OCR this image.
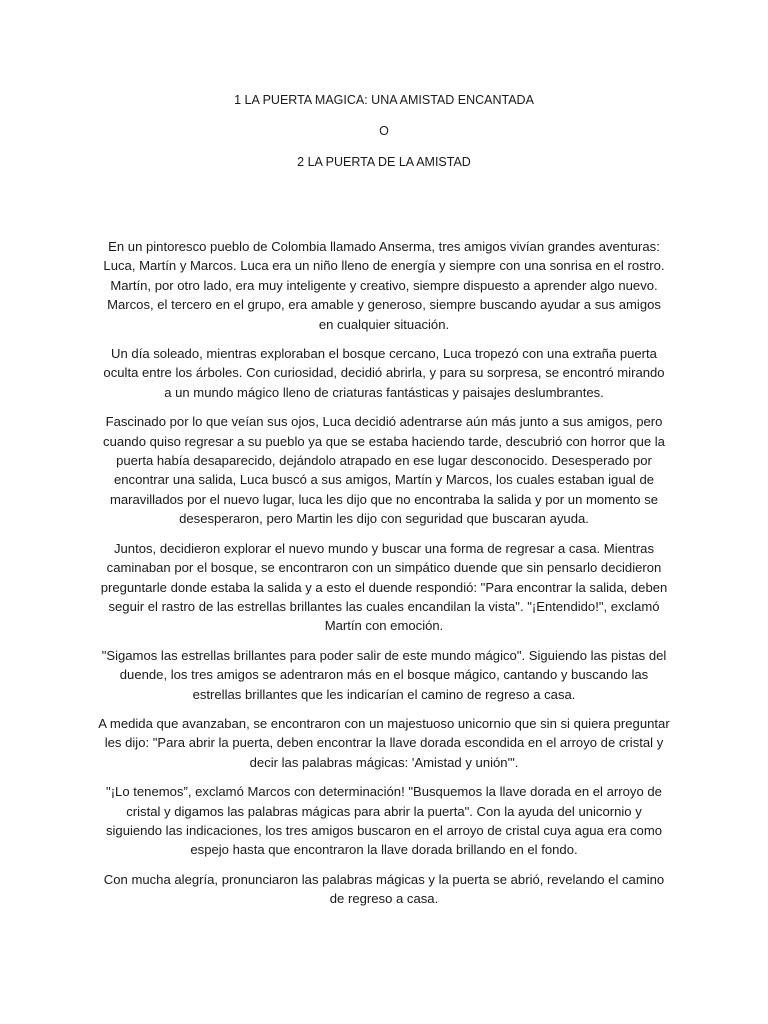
1 LA PUERTA MAGICA: UNA AMISTAD ENCANTADA
O
2 LA PUERTA DE LA AMISTAD

En un pintoresco pueblo de Colombia llamado Anserma, tres amigos vivían grandes aventuras: Luca, Martín y Marcos. Luca era un niño lleno de energía y siempre con una sonrisa en el rostro. Martín, por otro lado, era muy inteligente y creativo, siempre dispuesto a aprender algo nuevo. Marcos, el tercero en el grupo, era amable y generoso, siempre buscando ayudar a sus amigos en cualquier situación.

Un día soleado, mientras exploraban el bosque cercano, Luca tropezó con una extraña puerta oculta entre los árboles. Con curiosidad, decidió abrirla, y para su sorpresa, se encontró mirando a un mundo mágico lleno de criaturas fantásticas y paisajes deslumbrantes.

Fascinado por lo que veían sus ojos, Luca decidió adentrarse aún más junto a sus amigos, pero cuando quiso regresar a su pueblo ya que se estaba haciendo tarde, descubrió con horror que la puerta había desaparecido, dejándolo atrapado en ese lugar desconocido. Desesperado por encontrar una salida, Luca buscó a sus amigos, Martín y Marcos, los cuales estaban igual de maravillados por el nuevo lugar, luca les dijo que no encontraba la salida y por un momento se desesperaron, pero Martin les dijo con seguridad que buscaran ayuda.

Juntos, decidieron explorar el nuevo mundo y buscar una forma de regresar a casa. Mientras caminaban por el bosque, se encontraron con un simpático duende que sin pensarlo decidieron preguntarle donde estaba la salida y a esto el duende respondió: "Para encontrar la salida, deben seguir el rastro de las estrellas brillantes las cuales encandilan la vista". "¡Entendido!", exclamó Martín con emoción.

"Sigamos las estrellas brillantes para poder salir de este mundo mágico". Siguiendo las pistas del duende, los tres amigos se adentraron más en el bosque mágico, cantando y buscando las estrellas brillantes que les indicarían el camino de regreso a casa.

A medida que avanzaban, se encontraron con un majestuoso unicornio que sin si quiera preguntar les dijo: "Para abrir la puerta, deben encontrar la llave dorada escondida en el arroyo de cristal y decir las palabras mágicas: 'Amistad y unión'".

"¡Lo tenemos”, exclamó Marcos con determinación! "Busquemos la llave dorada en el arroyo de cristal y digamos las palabras mágicas para abrir la puerta". Con la ayuda del unicornio y siguiendo las indicaciones, los tres amigos buscaron en el arroyo de cristal cuya agua era como espejo hasta que encontraron la llave dorada brillando en el fondo.

Con mucha alegría, pronunciaron las palabras mágicas y la puerta se abrió, revelando el camino de regreso a casa.
